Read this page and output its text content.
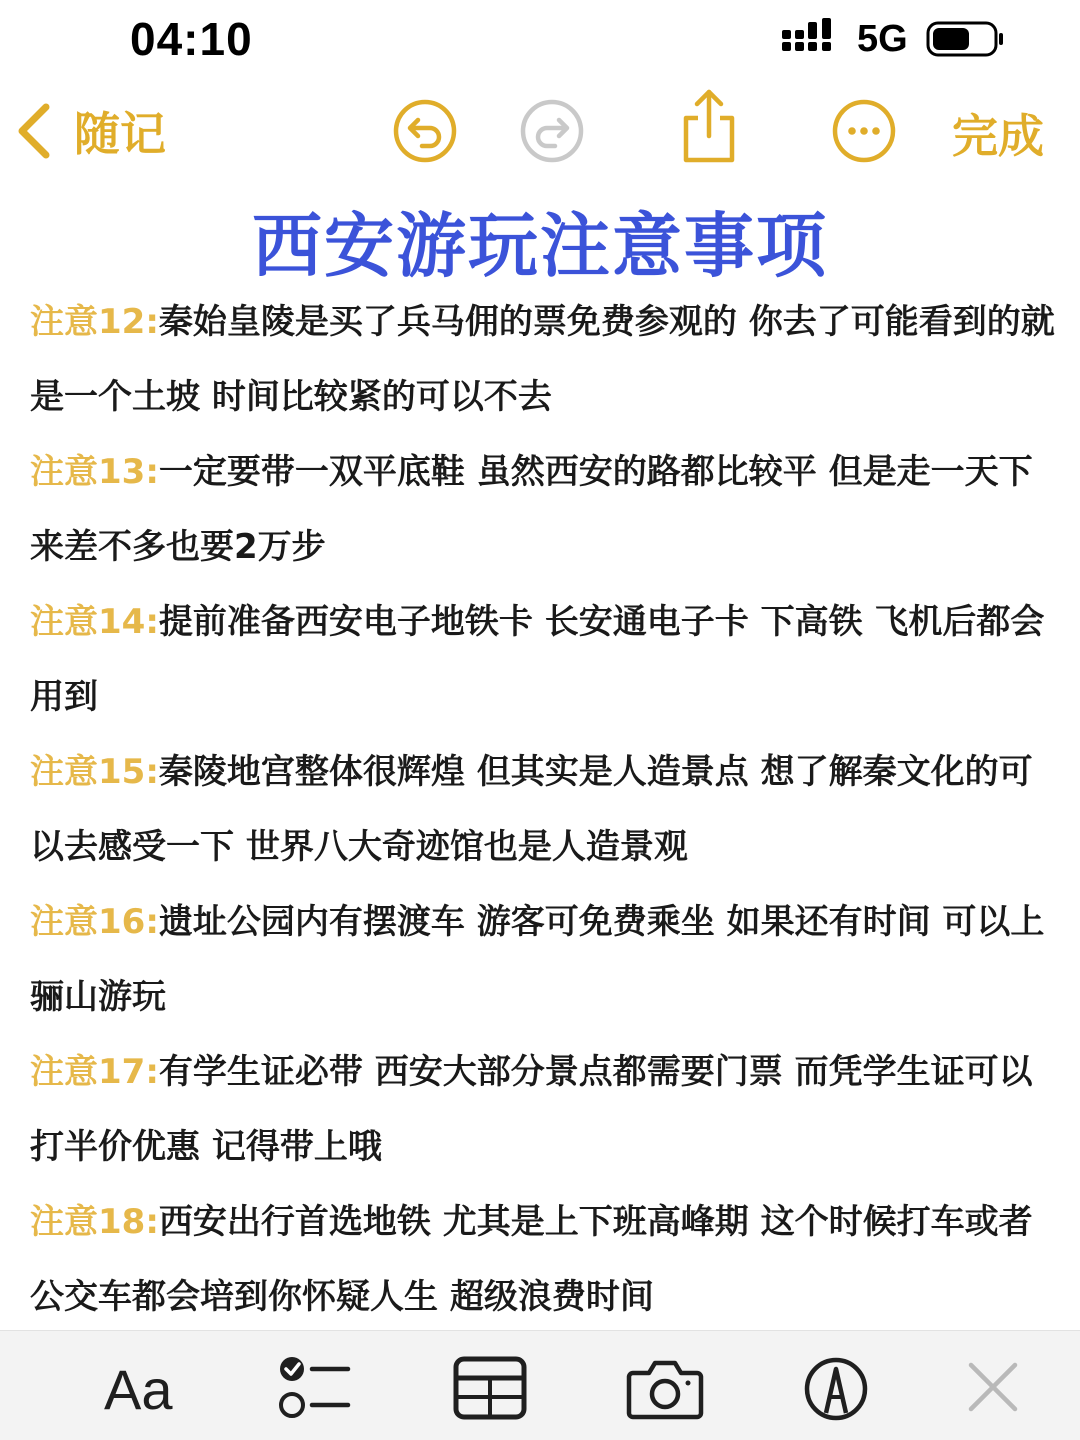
04:10	5G
随记	完成
西安游玩注意事项

注意12:秦始皇陵是买了兵马佣的票免费参观的 你去了可能看到的就是一个土坡 时间比较紧的可以不去

注意13:一定要带一双平底鞋 虽然西安的路都比较平 但是走一天下来差不多也要2万步

注意14:提前准备西安电子地铁卡 长安通电子卡 下高铁 飞机后都会用到

注意15:秦陵地宫整体很辉煌 但其实是人造景点 想了解秦文化的可以去感受一下 世界八大奇迹馆也是人造景观

注意16:遗址公园内有摆渡车 游客可免费乘坐 如果还有时间 可以上骊山游玩

注意17:有学生证必带 西安大部分景点都需要门票 而凭学生证可以打半价优惠 记得带上哦

注意18:西安出行首选地铁 尤其是上下班高峰期 这个时候打车或者公交车都会培到你怀疑人生 超级浪费时间

Aa
